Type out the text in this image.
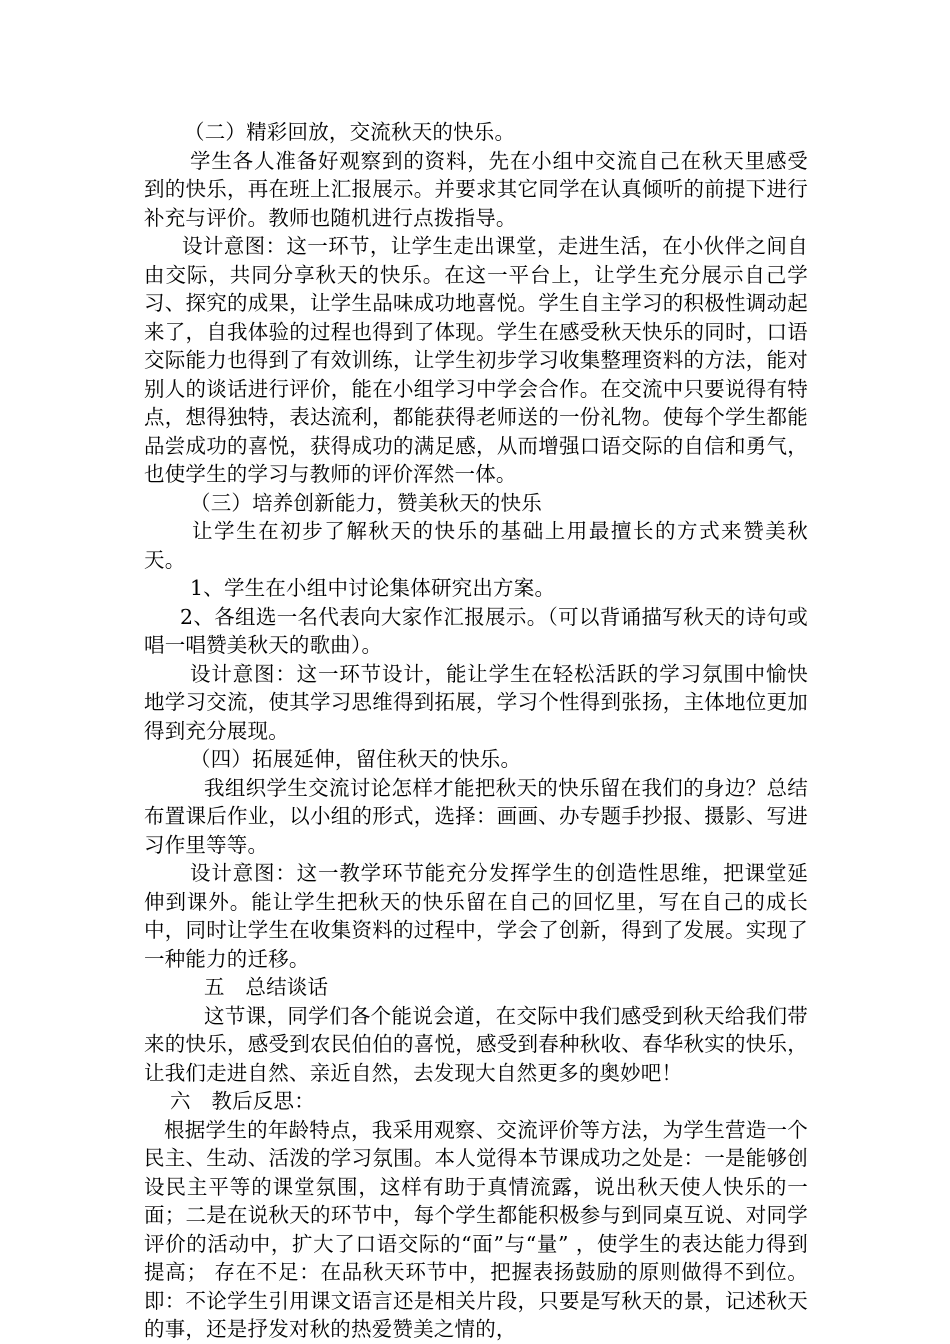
（二）精彩回放，交流秋天的快乐。

学生各人准备好观察到的资料，先在小组中交流自己在秋天里感受到的快乐，再在班上汇报展示。并要求其它同学在认真倾听的前提下进行补充与评价。教师也随机进行点拨指导。

设计意图：这一环节，让学生走出课堂，走进生活，在小伙伴之间自由交际，共同分享秋天的快乐。在这一平台上，让学生充分展示自己学习、探究的成果，让学生品味成功地喜悦。学生自主学习的积极性调动起来了，自我体验的过程也得到了体现。学生在感受秋天快乐的同时，口语交际能力也得到了有效训练，让学生初步学习收集整理资料的方法，能对别人的谈话进行评价，能在小组学习中学会合作。在交流中只要说得有特点，想得独特，表达流利，都能获得老师送的一份礼物。使每个学生都能品尝成功的喜悦，获得成功的满足感，从而增强口语交际的自信和勇气，也使学生的学习与教师的评价浑然一体。

（三）培养创新能力，赞美秋天的快乐

让学生在初步了解秋天的快乐的基础上用最擅长的方式来赞美秋天。

1、学生在小组中讨论集体研究出方案。

2、各组选一名代表向大家作汇报展示。（可以背诵描写秋天的诗句或唱一唱赞美秋天的歌曲）。

设计意图：这一环节设计，能让学生在轻松活跃的学习氛围中愉快地学习交流，使其学习思维得到拓展，学习个性得到张扬，主体地位更加得到充分展现。

（四）拓展延伸，留住秋天的快乐。

我组织学生交流讨论怎样才能把秋天的快乐留在我们的身边？总结布置课后作业，以小组的形式，选择：画画、办专题手抄报、摄影、写进习作里等等。

设计意图：这一教学环节能充分发挥学生的创造性思维，把课堂延伸到课外。能让学生把秋天的快乐留在自己的回忆里，写在自己的成长中，同时让学生在收集资料的过程中，学会了创新，得到了发展。实现了一种能力的迁移。

五　总结谈话

这节课，同学们各个能说会道，在交际中我们感受到秋天给我们带来的快乐，感受到农民伯伯的喜悦，感受到春种秋收、春华秋实的快乐，让我们走进自然、亲近自然，去发现大自然更多的奥妙吧！

六　教后反思：

根据学生的年龄特点，我采用观察、交流评价等方法，为学生营造一个民主、生动、活泼的学习氛围。本人觉得本节课成功之处是：一是能够创设民主平等的课堂氛围，这样有助于真情流露，说出秋天使人快乐的一面；二是在说秋天的环节中，每个学生都能积极参与到同桌互说、对同学评价的活动中，扩大了口语交际的“面”与“量” ，使学生的表达能力得到提高； 存在不足：在品秋天环节中，把握表扬鼓励的原则做得不到位。即：不论学生引用课文语言还是相关片段，只要是写秋天的景，记述秋天的事，还是抒发对秋的热爱赞美之情的，
